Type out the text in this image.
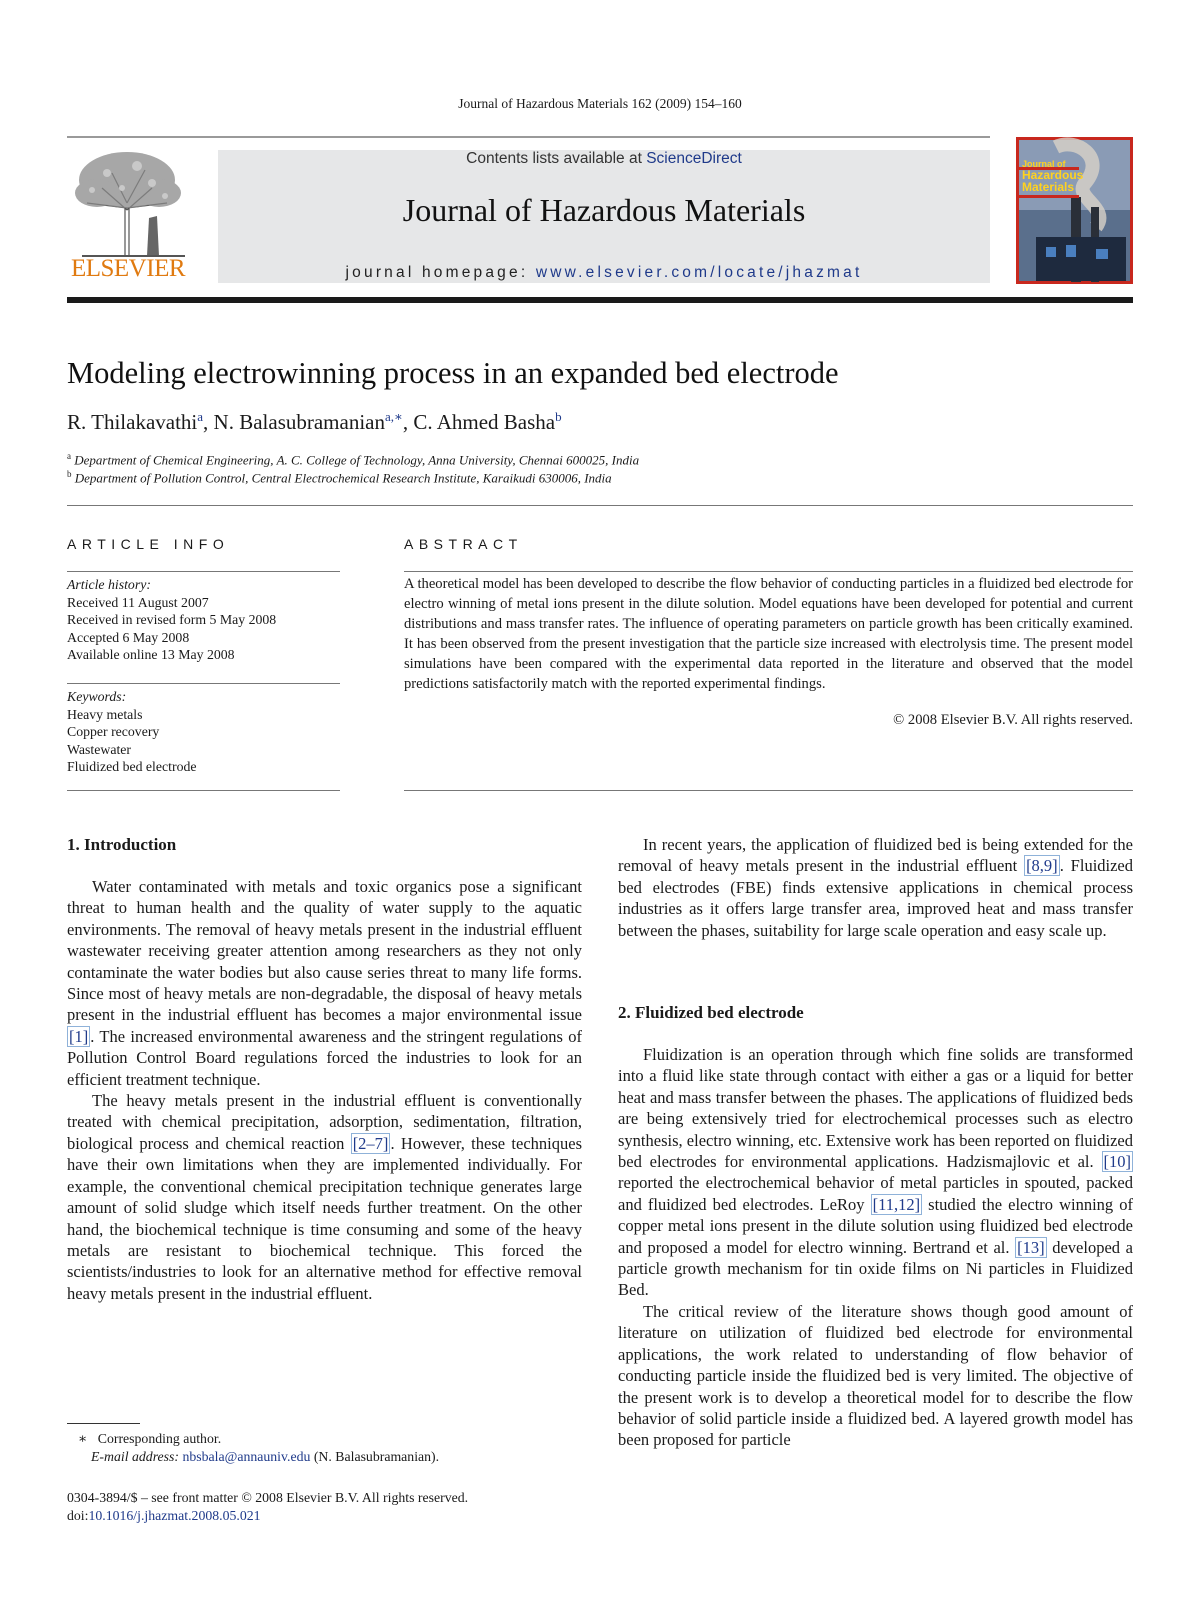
Journal of Hazardous Materials 162 (2009) 154–160
ELSEVIER
Contents lists available at ScienceDirect
Journal of Hazardous Materials
journal homepage: www.elsevier.com/locate/jhazmat
Journal of
Hazardous
Materials
Modeling electrowinning process in an expanded bed electrode
R. Thilakavathi$^a$, N. Balasubramanian$^{a,∗}$, C. Ahmed Basha$^b$
$^a$ Department of Chemical Engineering, A. C. College of Technology, Anna University, Chennai 600025, India
$^b$ Department of Pollution Control, Central Electrochemical Research Institute, Karaikudi 630006, India
ARTICLE INFO
Article history:
Received 11 August 2007
Received in revised form 5 May 2008
Accepted 6 May 2008
Available online 13 May 2008
Keywords:
Heavy metals
Copper recovery
Wastewater
Fluidized bed electrode
ABSTRACT
A theoretical model has been developed to describe the flow behavior of conducting particles in a fluidized bed electrode for electro winning of metal ions present in the dilute solution. Model equations have been developed for potential and current distributions and mass transfer rates. The influence of operating parameters on particle growth has been critically examined. It has been observed from the present investigation that the particle size increased with electrolysis time. The present model simulations have been compared with the experimental data reported in the literature and observed that the model predictions satisfactorily match with the reported experimental findings.
© 2008 Elsevier B.V. All rights reserved.
1. Introduction

Water contaminated with metals and toxic organics pose a significant threat to human health and the quality of water supply to the aquatic environments. The removal of heavy metals present in the industrial effluent wastewater receiving greater attention among researchers as they not only contaminate the water bodies but also cause series threat to many life forms. Since most of heavy metals are non-degradable, the disposal of heavy metals present in the industrial effluent has becomes a major environmental issue [1] . The increased environmental awareness and the stringent regulations of Pollution Control Board regulations forced the industries to look for an efficient treatment technique.

The heavy metals present in the industrial effluent is conventionally treated with chemical precipitation, adsorption, sedimentation, filtration, biological process and chemical reaction [2–7] . However, these techniques have their own limitations when they are implemented individually. For example, the conventional chemical precipitation technique generates large amount of solid sludge which itself needs further treatment. On the other hand, the biochemical technique is time consuming and some of the heavy metals are resistant to biochemical technique. This forced the scientists/industries to look for an alternative method for effective removal heavy metals present in the industrial effluent.

In recent years, the application of fluidized bed is being extended for the removal of heavy metals present in the industrial effluent [8,9] . Fluidized bed electrodes (FBE) finds extensive applications in chemical process industries as it offers large transfer area, improved heat and mass transfer between the phases, suitability for large scale operation and easy scale up.

2. Fluidized bed electrode

Fluidization is an operation through which fine solids are transformed into a fluid like state through contact with either a gas or a liquid for better heat and mass transfer between the phases. The applications of fluidized beds are being extensively tried for electrochemical processes such as electro synthesis, electro winning, etc. Extensive work has been reported on fluidized bed electrodes for environmental applications. Hadzismajlovic et al. [10] reported the electrochemical behavior of metal particles in spouted, packed and fluidized bed electrodes. LeRoy [11,12] studied the electro winning of copper metal ions present in the dilute solution using fluidized bed electrode and proposed a model for electro winning. Bertrand et al. [13] developed a particle growth mechanism for tin oxide films on Ni particles in Fluidized Bed.

The critical review of the literature shows though good amount of literature on utilization of fluidized bed electrode for environmental applications, the work related to understanding of flow behavior of conducting particle inside the fluidized bed is very limited. The objective of the present work is to develop a theoretical model for to describe the flow behavior of solid particle inside a fluidized bed. A layered growth model has been proposed for particle

∗ Corresponding author.
E-mail address: nbsbala@annauniv.edu (N. Balasubramanian).
0304-3894/$ – see front matter © 2008 Elsevier B.V. All rights reserved.
doi:10.1016/j.jhazmat.2008.05.021
